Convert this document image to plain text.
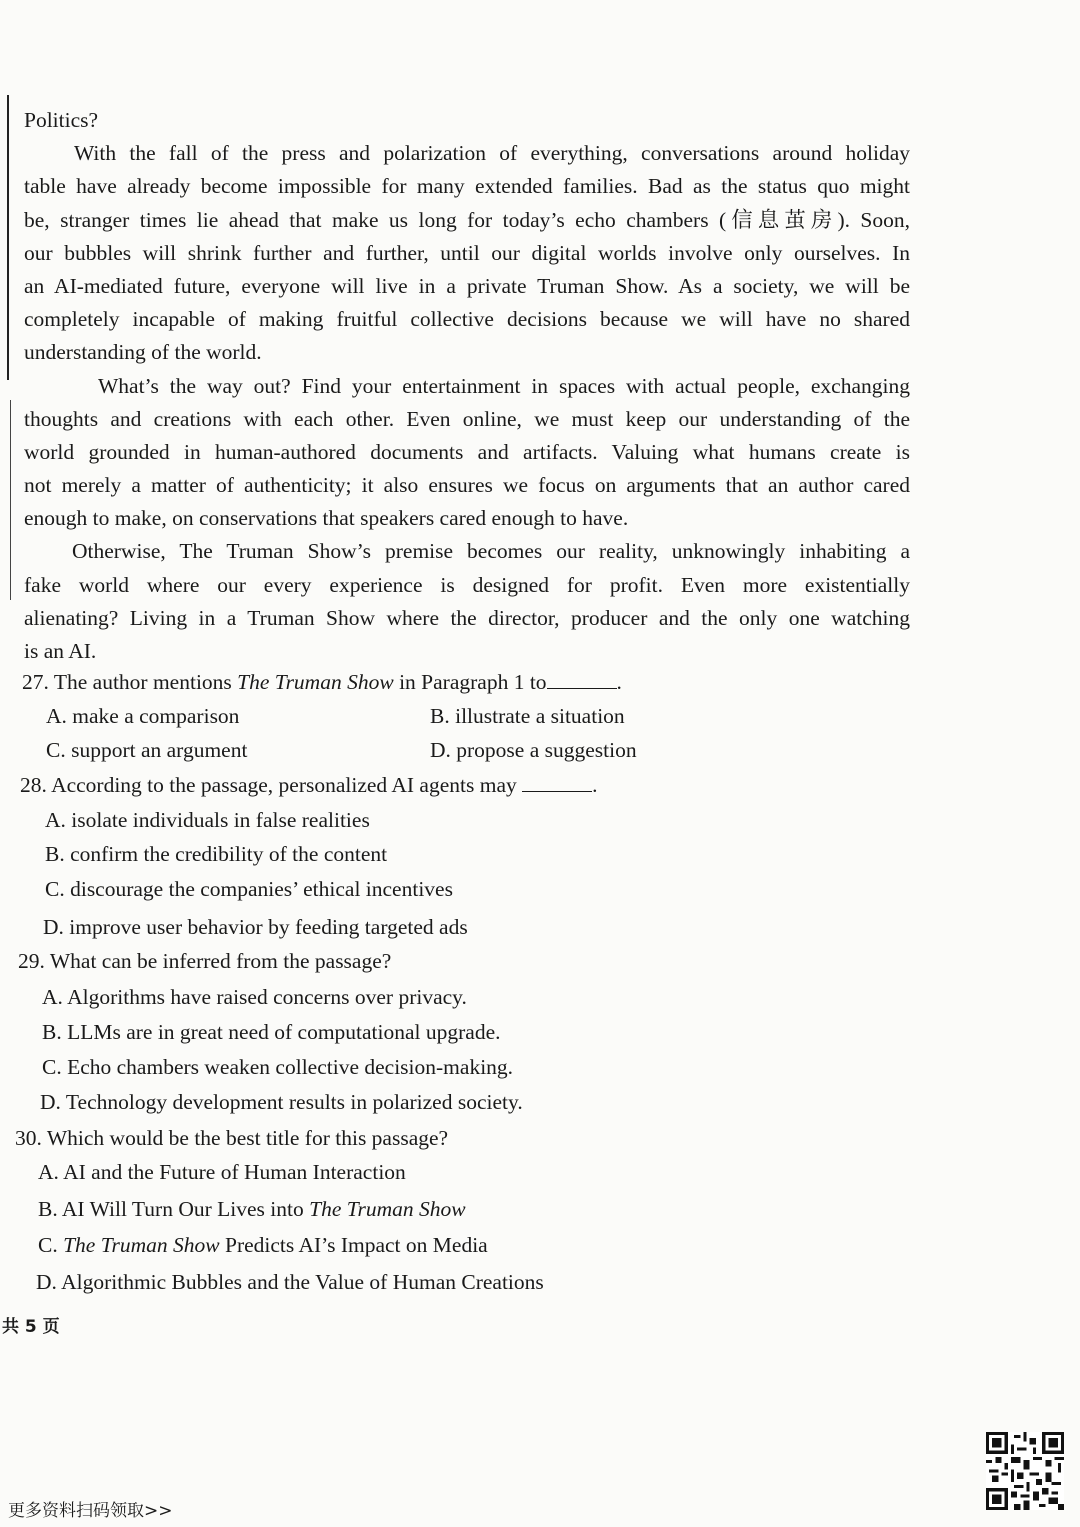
Politics?
With the fall of the press and polarization of everything, conversations around holiday
table have already become impossible for many extended families. Bad as the status quo might
be, stranger times lie ahead that make us long for today’s echo chambers (信息茧房). Soon,
our bubbles will shrink further and further, until our digital worlds involve only ourselves. In
an AI-mediated future, everyone will live in a private Truman Show. As a society, we will be
completely incapable of making fruitful collective decisions because we will have no shared
understanding of the world.
What’s the way out? Find your entertainment in spaces with actual people, exchanging
thoughts and creations with each other. Even online, we must keep our understanding of the
world grounded in human-authored documents and artifacts. Valuing what humans create is
not merely a matter of authenticity; it also ensures we focus on arguments that an author cared
enough to make, on conservations that speakers cared enough to have.
Otherwise, The Truman Show’s premise becomes our reality, unknowingly inhabiting a
fake world where our every experience is designed for profit. Even more existentially
alienating? Living in a Truman Show where the director, producer and the only one watching
is an AI.
27. The author mentions The Truman Show in Paragraph 1 to	.
A. make a comparison	B. illustrate a situation
C. support an argument	D. propose a suggestion
28. According to the passage, personalized AI agents may	.
A. isolate individuals in false realities
B. confirm the credibility of the content
C. discourage the companies’ ethical incentives
D. improve user behavior by feeding targeted ads
29. What can be inferred from the passage?
A. Algorithms have raised concerns over privacy.
B. LLMs are in great need of computational upgrade.
C. Echo chambers weaken collective decision-making.
D. Technology development results in polarized society.
30. Which would be the best title for this passage?
A. AI and the Future of Human Interaction
B. AI Will Turn Our Lives into The Truman Show
C. The Truman Show Predicts AI’s Impact on Media
D. Algorithmic Bubbles and the Value of Human Creations
共 5 页
更多资料扫码领取>>
